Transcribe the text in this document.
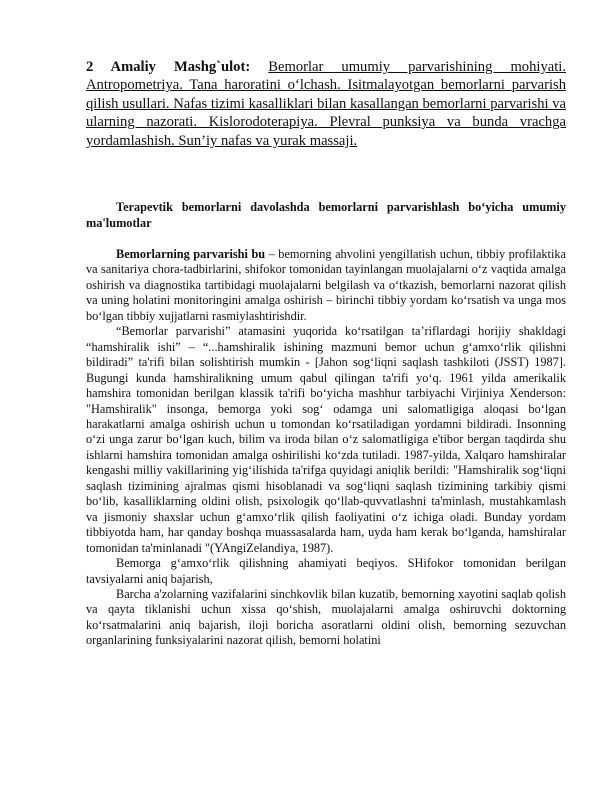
2 Amaliy Mashg`ulot: Bemorlar umumiy parvarishining mohiyati. Antropometriya. Tana haroratini o‘lchash. Isitmalayotgan bemorlarni parvarish qilish usullari. Nafas tizimi kasalliklari bilan kasallangan bemorlarni parvarishi va ularning nazorati. Kislorodoterapiya. Plevral punksiya va bunda vrachga yordamlashish. Sun’iy nafas va yurak massaji.
Terapevtik bemorlarni davolashda bemorlarni parvarishlash bo‘yicha umumiy ma'lumotlar

Bemorlarning parvarishi bu – bemorning ahvolini yengillatish uchun, tibbiy profilaktika va sanitariya chora-tadbirlarini, shifokor tomonidan tayinlangan muolajalarni o‘z vaqtida amalga oshirish va diagnostika tartibidagi muolajalarni belgilash va o‘tkazish, bemorlarni nazorat qilish va uning holatini monitoringini amalga oshirish – birinchi tibbiy yordam ko‘rsatish va unga mos bo‘lgan tibbiy xujjatlarni rasmiylashtirishdir.

“Bemorlar parvarishi” atamasini yuqorida ko‘rsatilgan ta’riflardagi horijiy shakldagi “hamshiralik ishi” – “...hamshiralik ishining mazmuni bemor uchun g‘amxo‘rlik qilishni bildiradi” ta'rifi bilan solishtirish mumkin - [Jahon sog‘liqni saqlash tashkiloti (JSST) 1987]. Bugungi kunda hamshiralikning umum qabul qilingan ta'rifi yo‘q. 1961 yilda amerikalik hamshira tomonidan berilgan klassik ta'rifi bo‘yicha mashhur tarbiyachi Virjiniya Xenderson: "Hamshiralik" insonga, bemorga yoki sog‘ odamga uni salomatligiga aloqasi bo‘lgan harakatlarni amalga oshirish uchun u tomondan ko‘rsatiladigan yordamni bildiradi. Insonning o‘zi unga zarur bo‘lgan kuch, bilim va iroda bilan o‘z salomatligiga e'tibor bergan taqdirda shu ishlarni hamshira tomonidan amalga oshirilishi ko‘zda tutiladi. 1987-yilda, Xalqaro hamshiralar kengashi milliy vakillarining yig‘ilishida ta'rifga quyidagi aniqlik berildi: "Hamshiralik sog‘liqni saqlash tizimining ajralmas qismi hisoblanadi va sog‘liqni saqlash tizimining tarkibiy qismi bo‘lib, kasalliklarning oldini olish, psixologik qo‘llab-quvvatlashni ta'minlash, mustahkamlash va jismoniy shaxslar uchun g‘amxo‘rlik qilish faoliyatini o‘z ichiga oladi. Bunday yordam tibbiyotda ham, har qanday boshqa muassasalarda ham, uyda ham kerak bo‘lganda, hamshiralar tomonidan ta'minlanadi "(YAngiZelandiya, 1987).

Bemorga g‘amxo‘rlik qilishning ahamiyati beqiyos. SHifokor tomonidan berilgan tavsiyalarni aniq bajarish,

Barcha a'zolarning vazifalarini sinchkovlik bilan kuzatib, bemorning xayotini saqlab qolish va qayta tiklanishi uchun xissa qo‘shish, muolajalarni amalga oshiruvchi doktorning ko‘rsatmalarini aniq bajarish, iloji boricha asoratlarni oldini olish, bemorning sezuvchan organlarining funksiyalarini nazorat qilish, bemorni holatini
